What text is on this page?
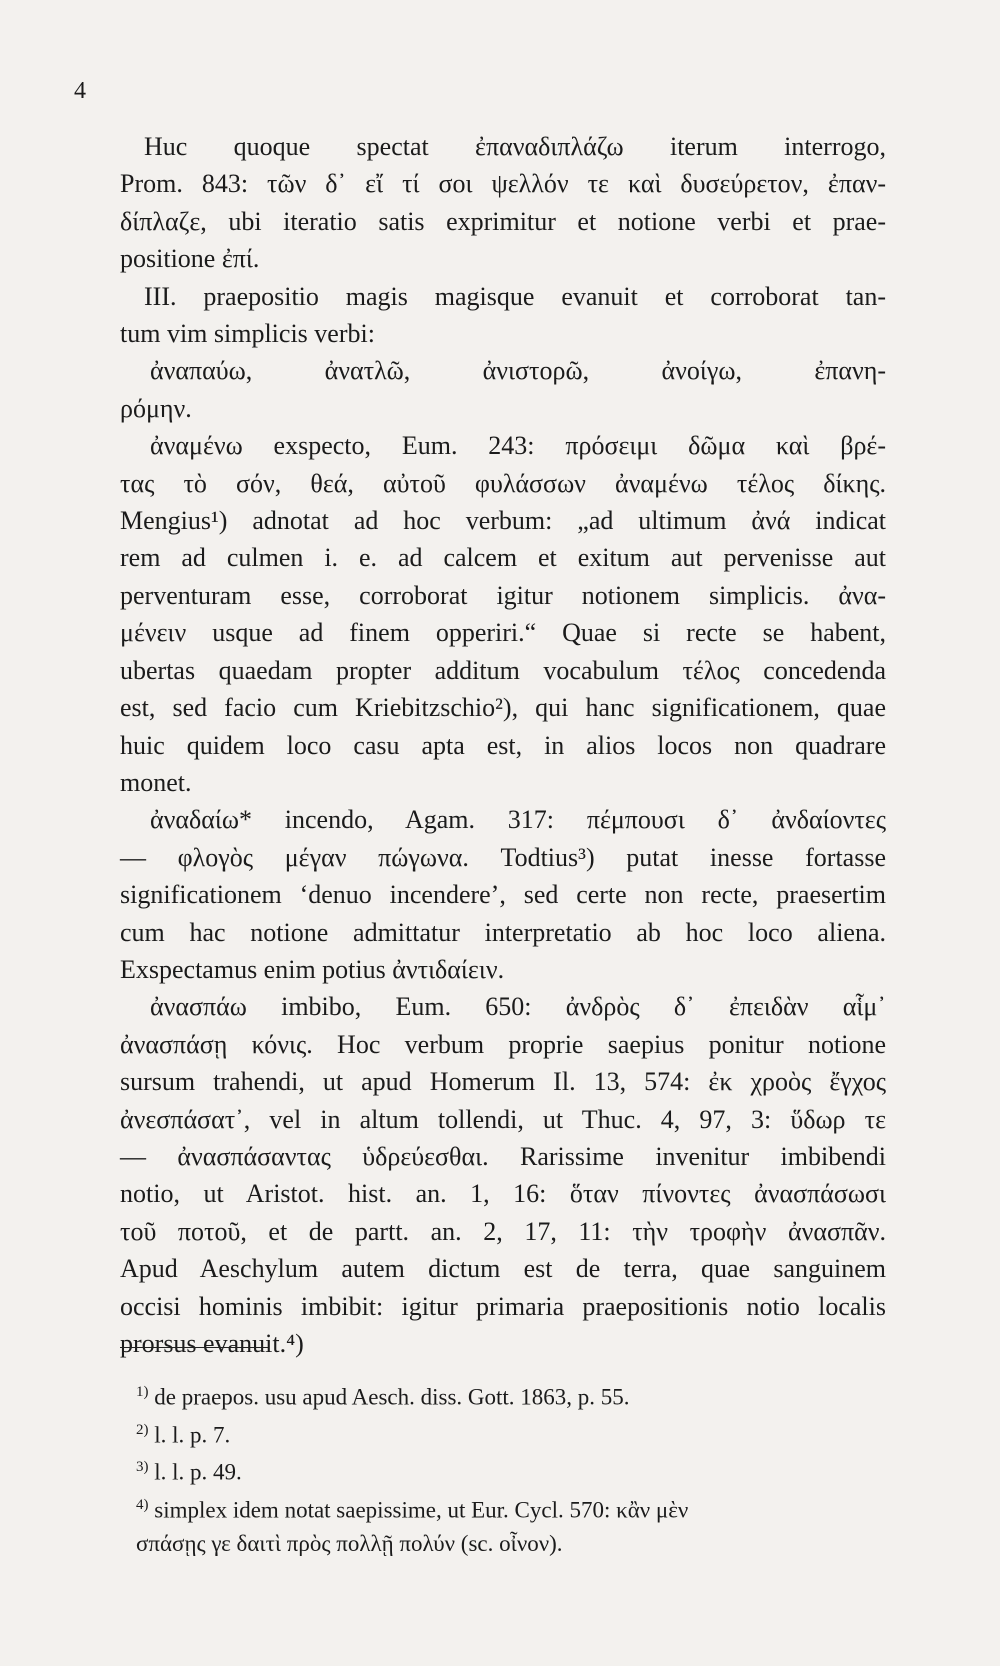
4
Huc quoque spectat ἐπαναδιπλάζω iterum interrogo,
Prom. 843: τῶν δ᾿ εἴ τί σοι ψελλόν τε καὶ δυσεύρετον, ἐπαν-
δίπλαζε, ubi iteratio satis exprimitur et notione verbi et prae-
positione ἐπί.
III. praepositio magis magisque evanuit et corroborat tan-
tum vim simplicis verbi:
ἀναπαύω, ἀνατλῶ, ἀνιστορῶ, ἀνοίγω, ἐπανη-
ρόμην.
ἀναμένω exspecto, Eum. 243: πρόσειμι δῶμα καὶ βρέ-
τας τὸ σόν, θεά, αὐτοῦ φυλάσσων ἀναμένω τέλος δίκης.
Mengius¹) adnotat ad hoc verbum: „ad ultimum ἀνά indicat
rem ad culmen i. e. ad calcem et exitum aut pervenisse aut
perventuram esse, corroborat igitur notionem simplicis. ἀνα-
μένειν usque ad finem opperiri.“ Quae si recte se habent,
ubertas quaedam propter additum vocabulum τέλος concedenda
est, sed facio cum Kriebitzschio²), qui hanc significationem, quae
huic quidem loco casu apta est, in alios locos non quadrare
monet.
ἀναδαίω* incendo, Agam. 317: πέμπουσι δ᾿ ἀνδαίοντες
— φλογὸς μέγαν πώγωνα. Todtius³) putat inesse fortasse
significationem ‘denuo incendere’, sed certe non recte, praesertim
cum hac notione admittatur interpretatio ab hoc loco aliena.
Exspectamus enim potius ἀντιδαίειν.
ἀνασπάω imbibo, Eum. 650: ἀνδρὸς δ᾿ ἐπειδὰν αἷμ᾿
ἀνασπάσῃ κόνις. Hoc verbum proprie saepius ponitur notione
sursum trahendi, ut apud Homerum Il. 13, 574: ἐκ χροὸς ἔγχος
ἀνεσπάσατ᾿, vel in altum tollendi, ut Thuc. 4, 97, 3: ὕδωρ τε
— ἀνασπάσαντας ὑδρεύεσθαι. Rarissime invenitur imbibendi
notio, ut Aristot. hist. an. 1, 16: ὅταν πίνοντες ἀνασπάσωσι
τοῦ ποτοῦ, et de partt. an. 2, 17, 11: τὴν τροφὴν ἀνασπᾶν.
Apud Aeschylum autem dictum est de terra, quae sanguinem
occisi hominis imbibit: igitur primaria praepositionis notio localis
prorsus evanuit.⁴)
$^{1)}$ de praepos. usu apud Aesch. diss. Gott. 1863, p. 55.
$^{2)}$ l. l. p. 7.
$^{3)}$ l. l. p. 49.
$^{4)}$ simplex idem notat saepissime, ut Eur. Cycl. 570: κἂν μὲν
σπάσῃς γε δαιτὶ πρὸς πολλῇ πολύν (sc. οἶνον).
